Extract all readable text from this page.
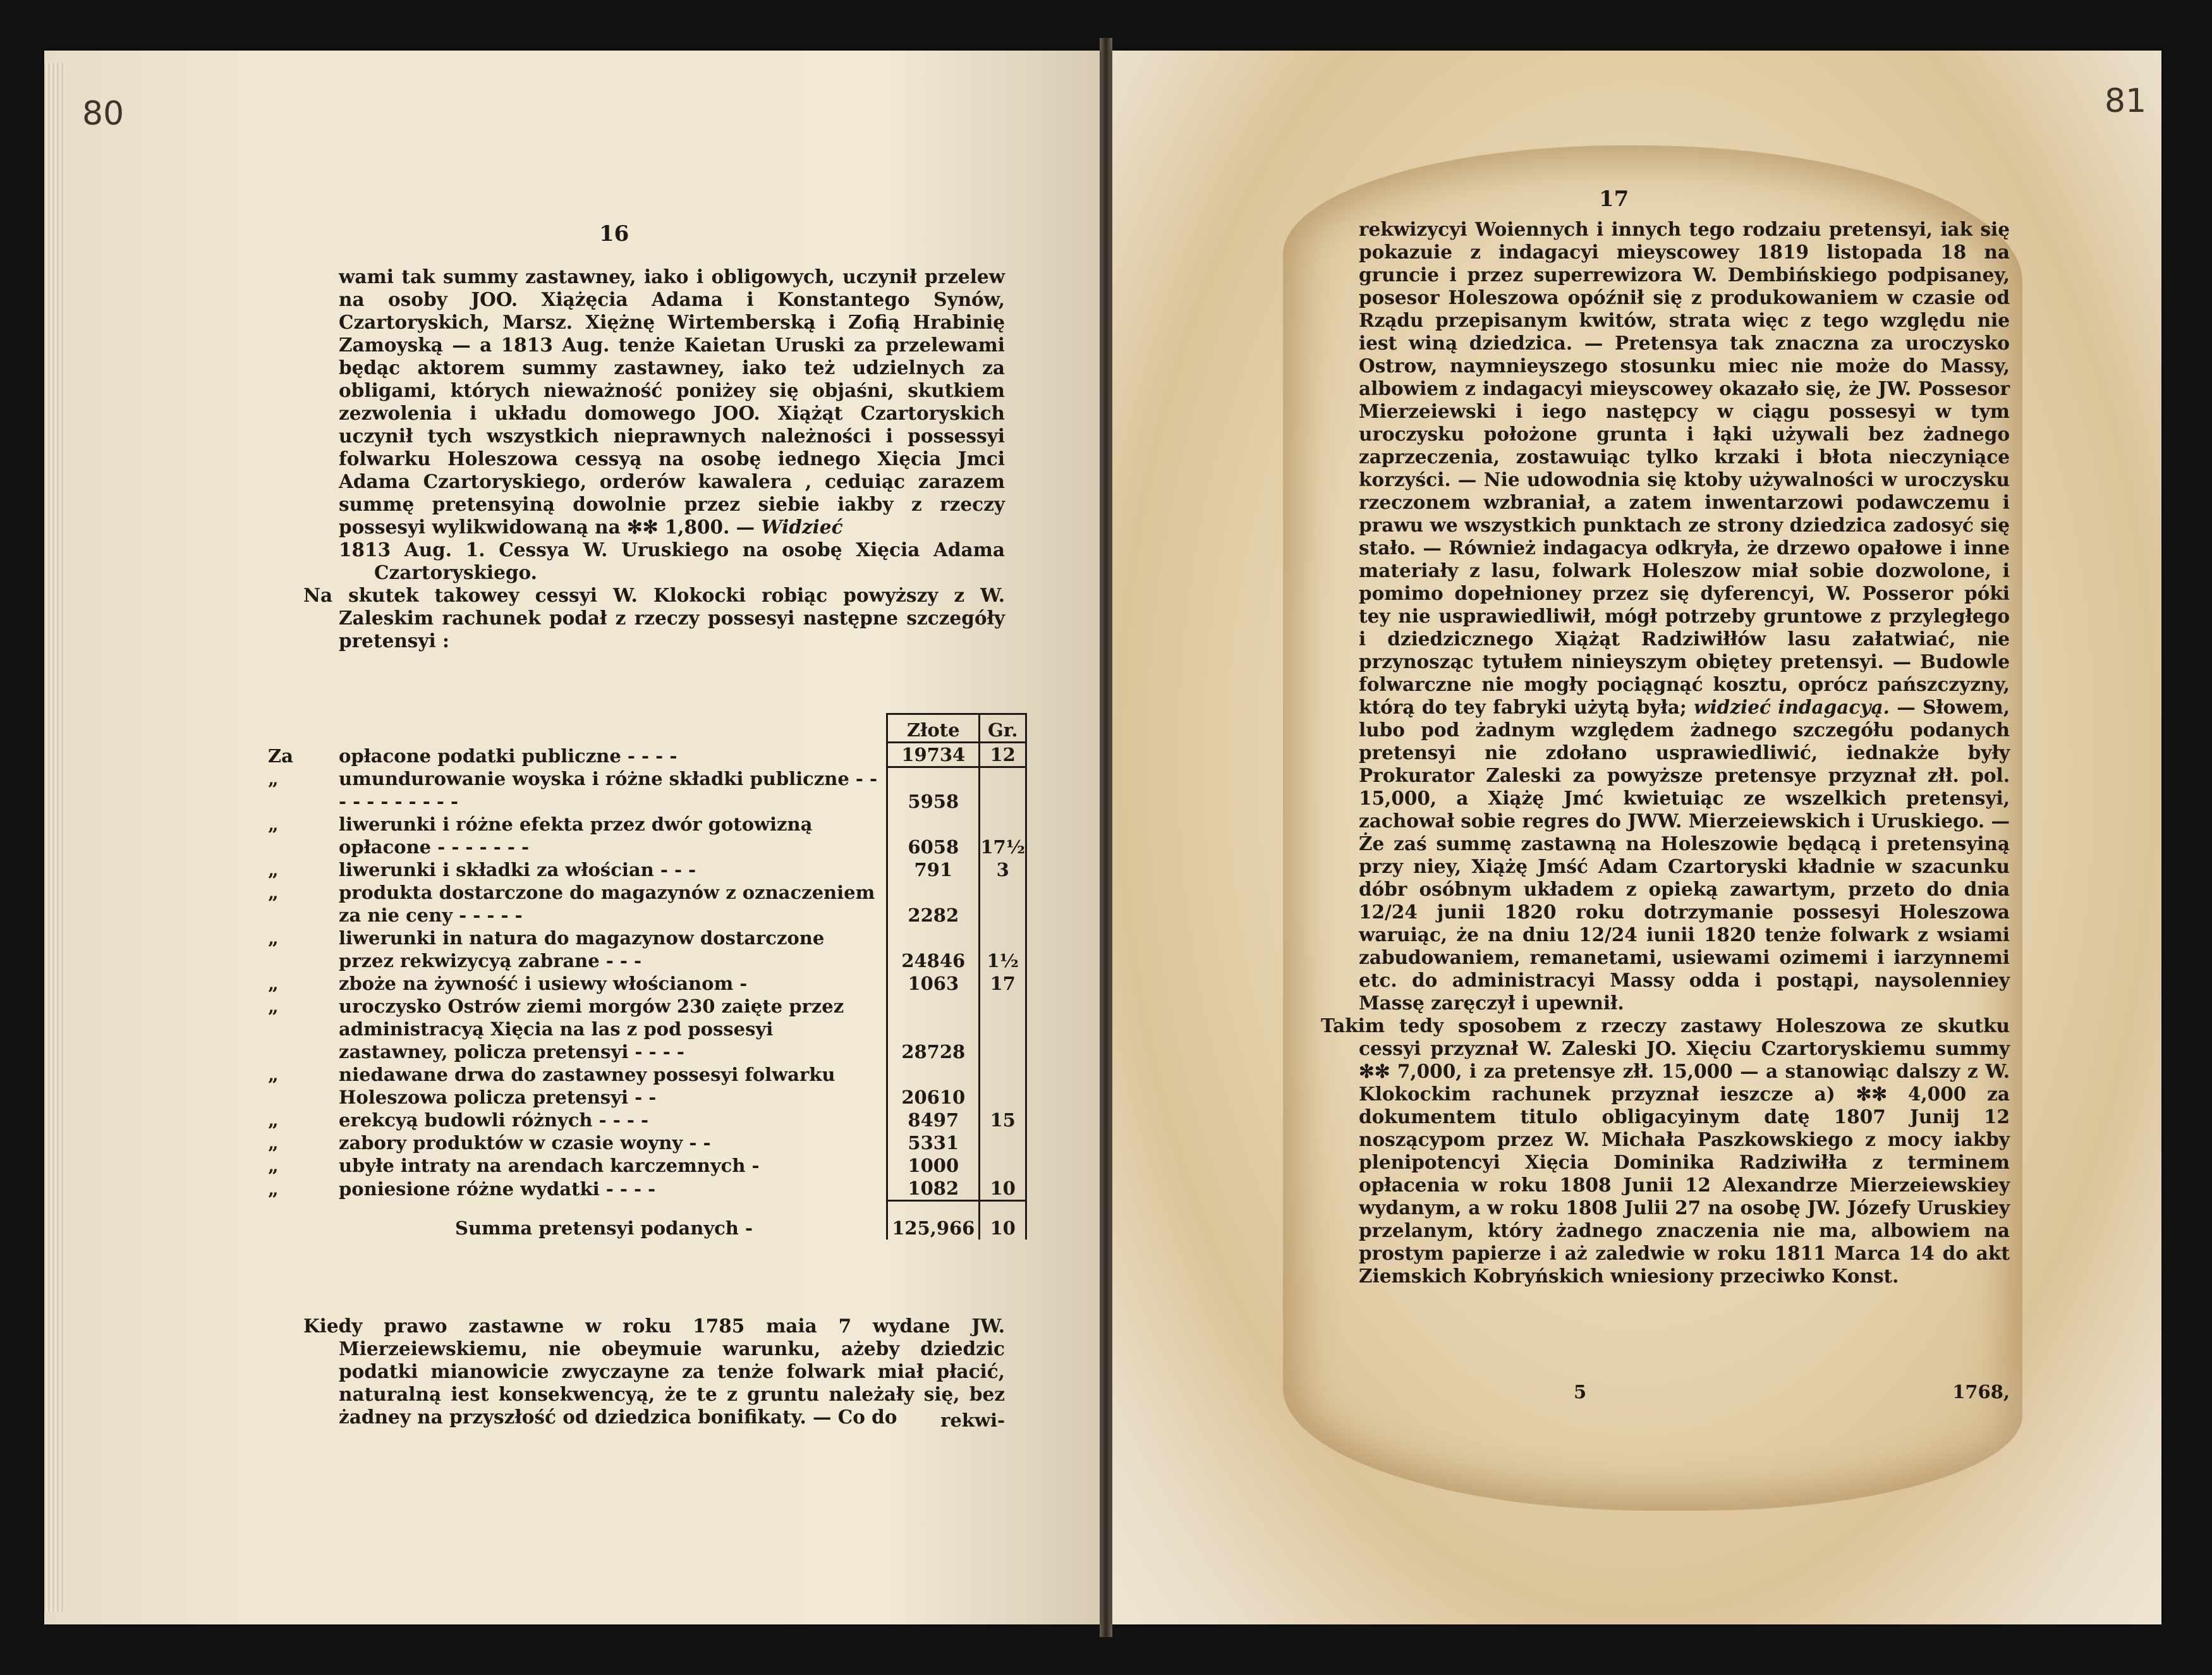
80
16

wami tak summy zastawney, iako i obligowych, uczynił przelew na osoby JOO. Xiążęcia Adama i Konstantego Synów, Czartoryskich, Marsz. Xiężnę Wirtemberską i Zofią Hrabinię Zamoyską — a 1813 Aug. tenże Kaietan Uruski za przelewami będąc aktorem summy zastawney, iako też udzielnych za obligami, których nieważność poniżey się objaśni, skutkiem zezwolenia i układu domowego JOO. Xiążąt Czartoryskich uczynił tych wszystkich nieprawnych należności i possessyi folwarku Holeszowa cessyą na osobę iednego Xięcia Jmci Adama Czartoryskiego, orderów kawalera , ceduiąc zarazem summę pretensyiną dowolnie przez siebie iakby z rzeczy possesyi wylikwidowaną na ✻✻ 1,800. — Widzieć

1813 Aug. 1. Cessya W. Uruskiego na osobę Xięcia Adama Czartoryskiego.

Na skutek takowey cessyi W. Klokocki robiąc powyższy z W. Zaleskim rachunek podał z rzeczy possesyi następne szczegóły pretensyi :

	Złote	Gr.
Za opłacone podatki publiczne - - - -	19734	12
„ umundurowanie woyska i różne składki publiczne - - - - - - - - - - -	5958	
„ liwerunki i różne efekta przez dwór gotowizną opłacone - - - - - - -	6058	17½
„ liwerunki i składki za włościan - - -	791	3
„ produkta dostarczone do magazynów z oznaczeniem za nie ceny - - - - -	2282	
„ liwerunki in natura do magazynow dostarczone przez rekwizycyą zabrane - - -	24846	1½
„ zboże na żywność i usiewy włościanom -	1063	17
„ uroczysko Ostrów ziemi morgów 230 zaięte przez administracyą Xięcia na las z pod possesyi zastawney, policza pretensyi - - - -	28728	
„ niedawane drwa do zastawney possesyi folwarku Holeszowa policza pretensyi - -	20610	
„ erekcyą budowli różnych - - - -	8497	15
„ zabory produktów w czasie woyny - -	5331	
„ ubyłe intraty na arendach karczemnych -	1000	
„ poniesione różne wydatki - - - -	1082	10
Summa pretensyi podanych -	125,966	10

Kiedy prawo zastawne w roku 1785 maia 7 wydane JW. Mierzeiewskiemu, nie obeymuie warunku, ażeby dziedzic podatki mianowicie zwyczayne za tenże folwark miał płacić, naturalną iest konsekwencyą, że te z gruntu należały się, bez żadney na przyszłość od dziedzica bonifikaty. — Co do	rekwi-
81
17

rekwizycyi Woiennych i innych tego rodzaiu pretensyi, iak się pokazuie z indagacyi mieyscowey 1819 listopada 18 na gruncie i przez superrewizora W. Dembińskiego podpisaney, posesor Holeszowa opóźnił się z produkowaniem w czasie od Rządu przepisanym kwitów, strata więc z tego względu nie iest winą dziedzica. — Pretensya tak znaczna za uroczysko Ostrow, naymnieyszego stosunku miec nie może do Massy, albowiem z indagacyi mieyscowey okazało się, że JW. Possesor Mierzeiewski i iego następcy w ciągu possesyi w tym uroczysku położone grunta i łąki używali bez żadnego zaprzeczenia, zostawuiąc tylko krzaki i błota nieczyniące korzyści. — Nie udowodnia się ktoby używalności w uroczysku rzeczonem wzbraniał, a zatem inwentarzowi podawczemu i prawu we wszystkich punktach ze strony dziedzica zadosyć się stało. — Również indagacya odkryła, że drzewo opałowe i inne materiały z lasu, folwark Holeszow miał sobie dozwolone, i pomimo dopełnioney przez się dyferencyi, W. Posseror póki tey nie usprawiedliwił, mógł potrzeby gruntowe z przyległego i dziedzicznego Xiążąt Radziwiłłów lasu załatwiać, nie przynosząc tytułem ninieyszym obiętey pretensyi. — Budowle folwarczne nie mogły pociągnąć kosztu, oprócz pańszczyzny, którą do tey fabryki użytą była; widzieć indagacyą. — Słowem, lubo pod żadnym względem żadnego szczegółu podanych pretensyi nie zdołano usprawiedliwić, iednakże były Prokurator Zaleski za powyższe pretensye przyznał złł. pol. 15,000, a Xiążę Jmć kwietuiąc ze wszelkich pretensyi, zachował sobie regres do JWW. Mierzeiewskich i Uruskiego. — Że zaś summę zastawną na Holeszowie będącą i pretensyiną przy niey, Xiążę Jmść Adam Czartoryski kładnie w szacunku dóbr osóbnym układem z opieką zawartym, przeto do dnia 12/24 junii 1820 roku dotrzymanie possesyi Holeszowa waruiąc, że na dniu 12/24 iunii 1820 tenże folwark z wsiami zabudowaniem, remanetami, usiewami ozimemi i iarzynnemi etc. do administracyi Massy odda i postąpi, naysolenniey Massę zaręczył i upewnił.

Takim tedy sposobem z rzeczy zastawy Holeszowa ze skutku cessyi przyznał W. Zaleski JO. Xięciu Czartoryskiemu summy ✻✻ 7,000, i za pretensye złł. 15,000 — a stanowiąc dalszy z W. Klokockim rachunek przyznał ieszcze a) ✻✻ 4,000 za dokumentem titulo obligacyinym datę 1807 Junij 12 noszącypom przez W. Michała Paszkowskiego z mocy iakby plenipotencyi Xięcia Dominika Radziwiłła z terminem opłacenia w roku 1808 Junii 12 Alexandrze Mierzeiewskiey wydanym, a w roku 1808 Julii 27 na osobę JW. Józefy Uruskiey przelanym, który żadnego znaczenia nie ma, albowiem na prostym papierze i aż zaledwie w roku 1811 Marca 14 do akt Ziemskich Kobryńskich wniesiony przeciwko Konst.

5	1768,
